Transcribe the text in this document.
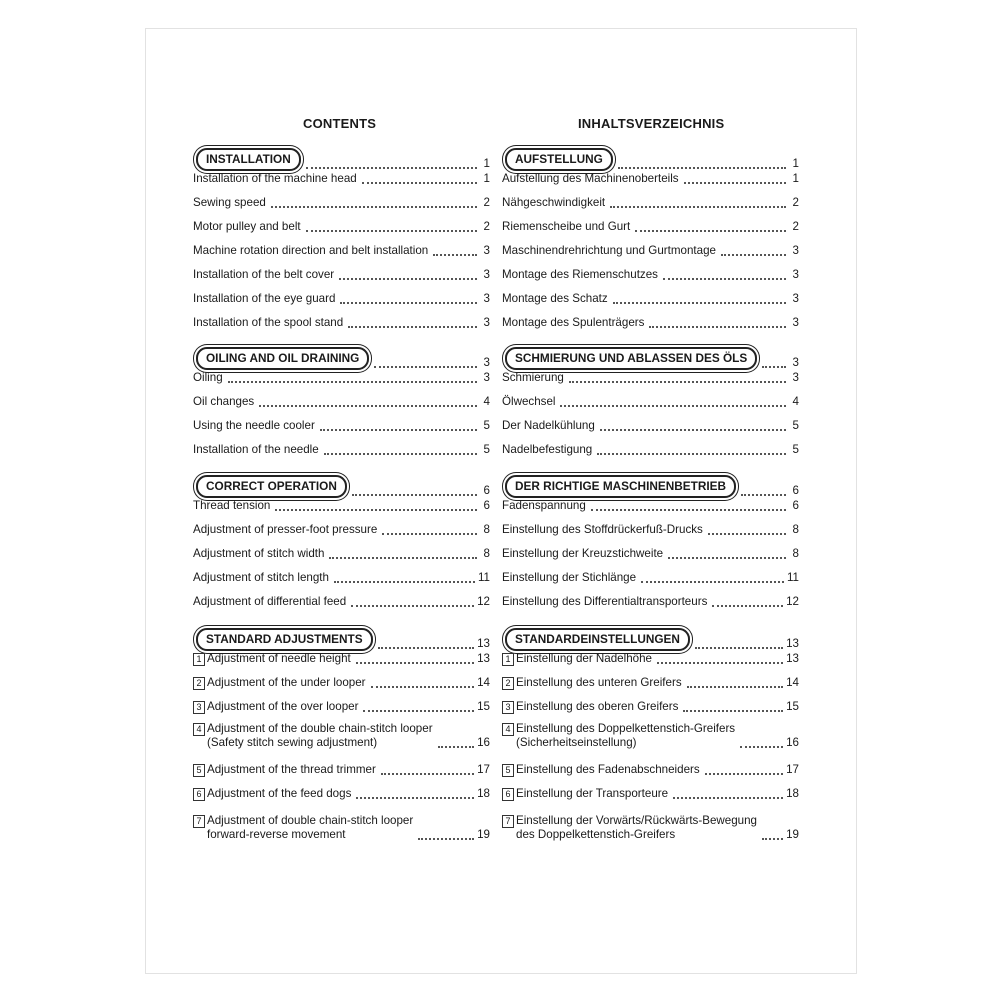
CONTENTS	INHALTSVERZEICHNIS
INSTALLATION	1
Installation of the machine head	1
Sewing speed	2
Motor pulley and belt	2
Machine rotation direction and belt installation	3
Installation of the belt cover	3
Installation of the eye guard	3
Installation of the spool stand	3
OILING AND OIL DRAINING	3
Oiling	3
Oil changes	4
Using the needle cooler	5
Installation of the needle	5
CORRECT OPERATION	6
Thread tension	6
Adjustment of presser-foot pressure	8
Adjustment of stitch width	8
Adjustment of stitch length	11
Adjustment of differential feed	12
STANDARD ADJUSTMENTS	13
1 Adjustment of needle height	13
2 Adjustment of the under looper	14
3 Adjustment of the over looper	15
4 Adjustment of the double chain-stitch looper
(Safety stitch sewing adjustment)	16
5 Adjustment of the thread trimmer	17
6 Adjustment of the feed dogs	18
7 Adjustment of double chain-stitch looper
forward-reverse movement	19
AUFSTELLUNG	1
Aufstellung des Machinenoberteils	1
Nähgeschwindigkeit	2
Riemenscheibe und Gurt	2
Maschinendrehrichtung und Gurtmontage	3
Montage des Riemenschutzes	3
Montage des Schatz	3
Montage des Spulenträgers	3
SCHMIERUNG UND ABLASSEN DES ÖLS	3
Schmierung	3
Ölwechsel	4
Der Nadelkühlung	5
Nadelbefestigung	5
DER RICHTIGE MASCHINENBETRIEB	6
Fadenspannung	6
Einstellung des Stoffdrückerfuß-Drucks	8
Einstellung der Kreuzstichweite	8
Einstellung der Stichlänge	11
Einstellung des Differentialtransporteurs	12
STANDARDEINSTELLUNGEN	13
1 Einstellung der Nadelhöhe	13
2 Einstellung des unteren Greifers	14
3 Einstellung des oberen Greifers	15
4 Einstellung des Doppelkettenstich-Greifers
(Sicherheitseinstellung)	16
5 Einstellung des Fadenabschneiders	17
6 Einstellung der Transporteure	18
7 Einstellung der Vorwärts/Rückwärts-Bewegung
des Doppelkettenstich-Greifers	19
